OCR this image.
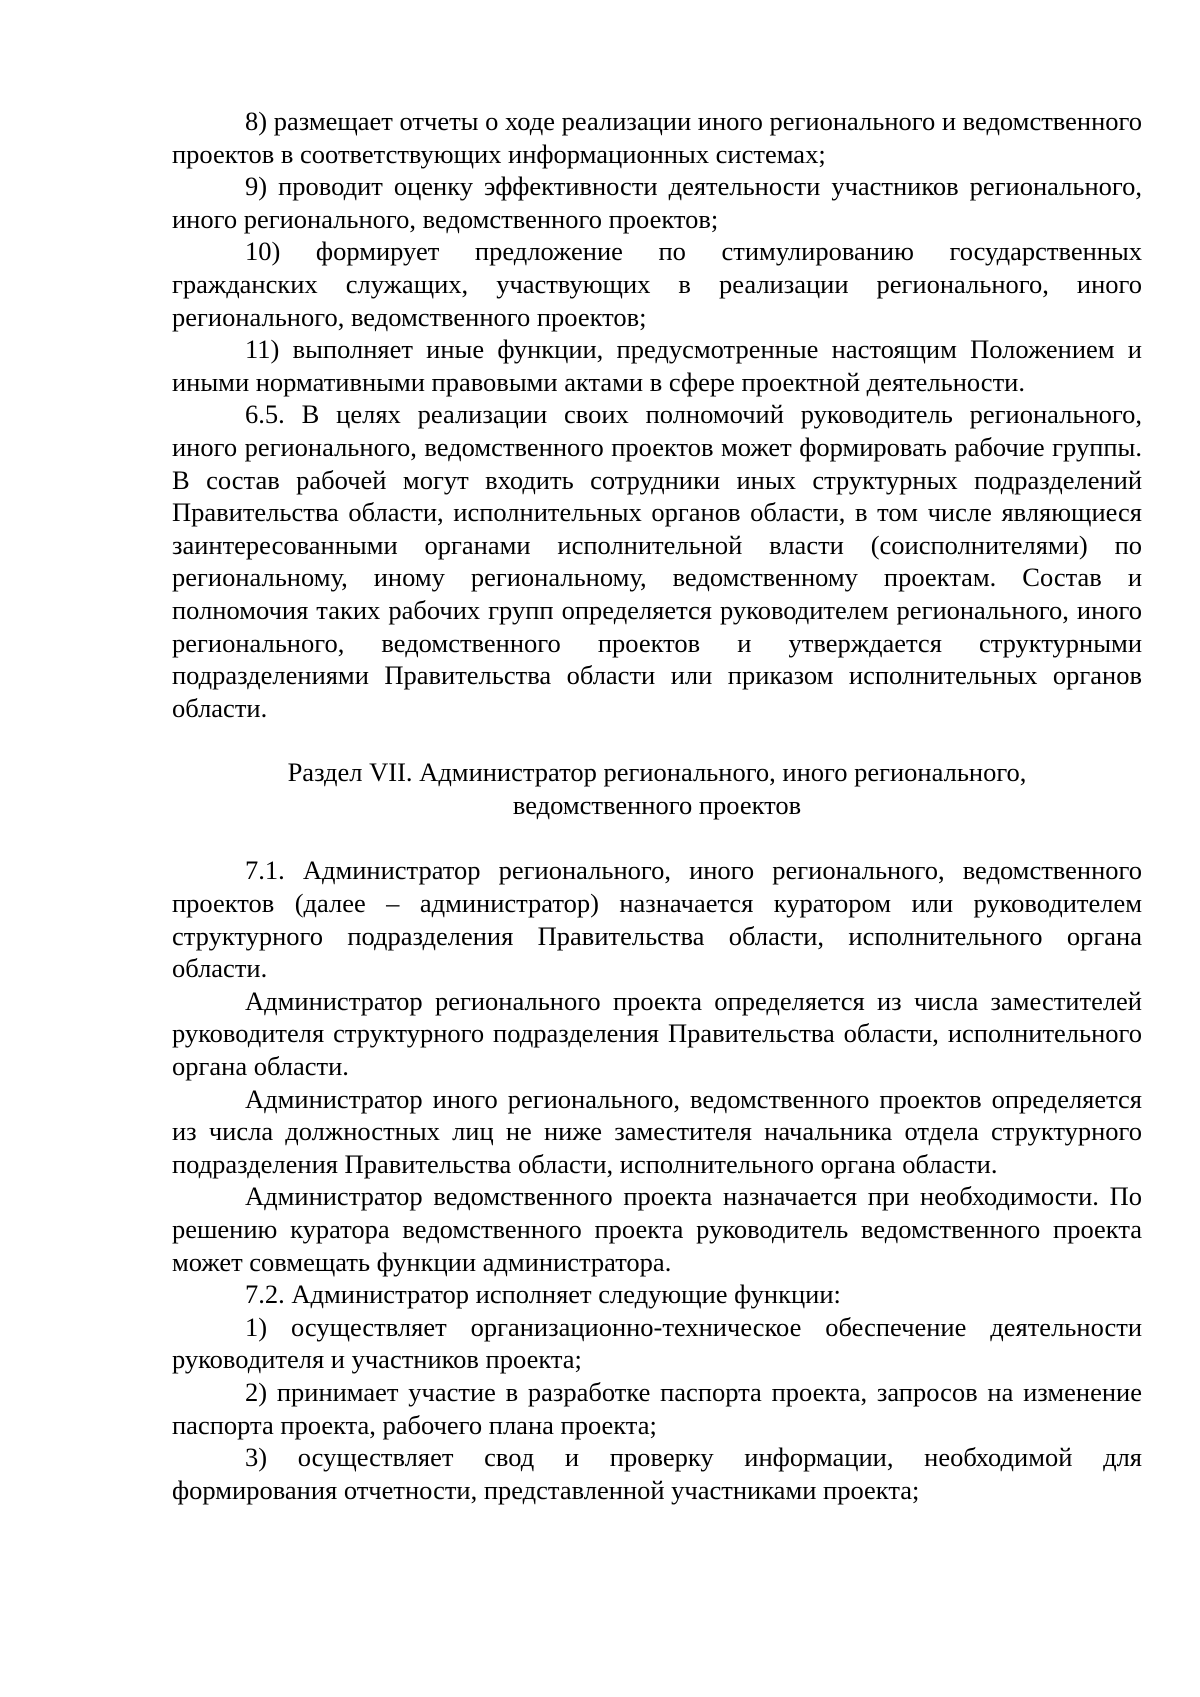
8) размещает отчеты о ходе реализации иного регионального и ведомственного проектов в соответствующих информационных системах;

9) проводит оценку эффективности деятельности участников регионального, иного регионального, ведомственного проектов;

10) формирует предложение по стимулированию государственных гражданских служащих, участвующих в реализации регионального, иного регионального, ведомственного проектов;

11) выполняет иные функции, предусмотренные настоящим Положением и иными нормативными правовыми актами в сфере проектной деятельности.

6.5. В целях реализации своих полномочий руководитель регионального, иного регионального, ведомственного проектов может формировать рабочие группы. В состав рабочей могут входить сотрудники иных структурных подразделений Правительства области, исполнительных органов области, в том числе являющиеся заинтересованными органами исполнительной власти (соисполнителями) по региональному, иному региональному, ведомственному проектам. Состав и полномочия таких рабочих групп определяется руководителем регионального, иного регионального, ведомственного проектов и утверждается структурными подразделениями Правительства области или приказом исполнительных органов области.

Раздел VII. Администратор регионального, иного регионального,
ведомственного проектов

7.1. Администратор регионального, иного регионального, ведомственного проектов (далее – администратор) назначается куратором или руководителем структурного подразделения Правительства области, исполнительного органа области.

Администратор регионального проекта определяется из числа заместителей руководителя структурного подразделения Правительства области, исполнительного органа области.

Администратор иного регионального, ведомственного проектов определяется из числа должностных лиц не ниже заместителя начальника отдела структурного подразделения Правительства области, исполнительного органа области.

Администратор ведомственного проекта назначается при необходимости. По решению куратора ведомственного проекта руководитель ведомственного проекта может совмещать функции администратора.

7.2. Администратор исполняет следующие функции:

1) осуществляет организационно-техническое обеспечение деятельности руководителя и участников проекта;

2) принимает участие в разработке паспорта проекта, запросов на изменение паспорта проекта, рабочего плана проекта;

3) осуществляет свод и проверку информации, необходимой для формирования отчетности, представленной участниками проекта;
